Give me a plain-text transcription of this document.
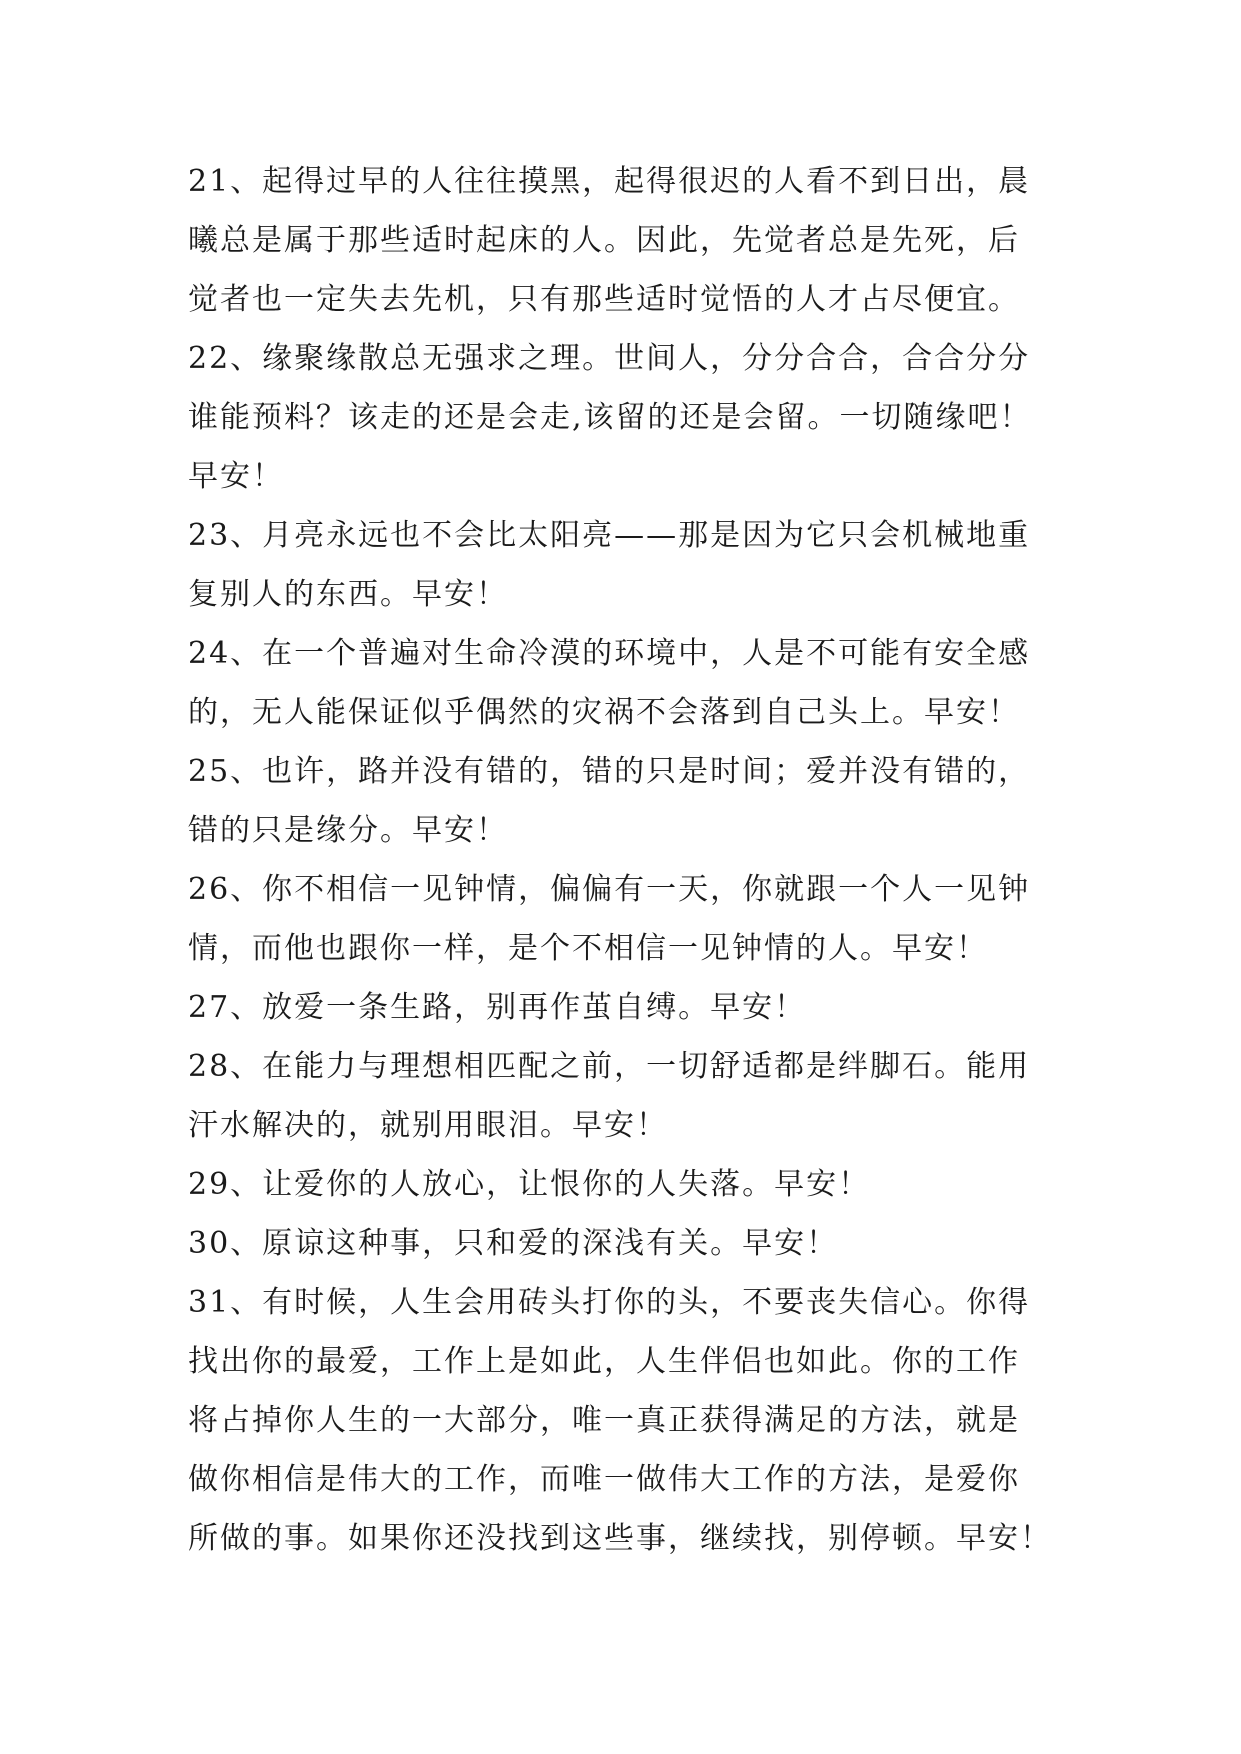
21、起得过早的人往往摸黑，起得很迟的人看不到日出，晨
曦总是属于那些适时起床的人。因此，先觉者总是先死，后
觉者也一定失去先机，只有那些适时觉悟的人才占尽便宜。
22、缘聚缘散总无强求之理。世间人，分分合合，合合分分
谁能预料？该走的还是会走,该留的还是会留。一切随缘吧！
早安！
23、月亮永远也不会比太阳亮——那是因为它只会机械地重
复别人的东西。早安！
24、在一个普遍对生命冷漠的环境中，人是不可能有安全感
的，无人能保证似乎偶然的灾祸不会落到自己头上。早安！
25、也许，路并没有错的，错的只是时间；爱并没有错的，
错的只是缘分。早安！
26、你不相信一见钟情，偏偏有一天，你就跟一个人一见钟
情，而他也跟你一样，是个不相信一见钟情的人。早安！
27、放爱一条生路，别再作茧自缚。早安！
28、在能力与理想相匹配之前，一切舒适都是绊脚石。能用
汗水解决的，就别用眼泪。早安！
29、让爱你的人放心，让恨你的人失落。早安！
30、原谅这种事，只和爱的深浅有关。早安！
31、有时候，人生会用砖头打你的头，不要丧失信心。你得
找出你的最爱，工作上是如此，人生伴侣也如此。你的工作
将占掉你人生的一大部分，唯一真正获得满足的方法，就是
做你相信是伟大的工作，而唯一做伟大工作的方法，是爱你
所做的事。如果你还没找到这些事，继续找，别停顿。早安！
